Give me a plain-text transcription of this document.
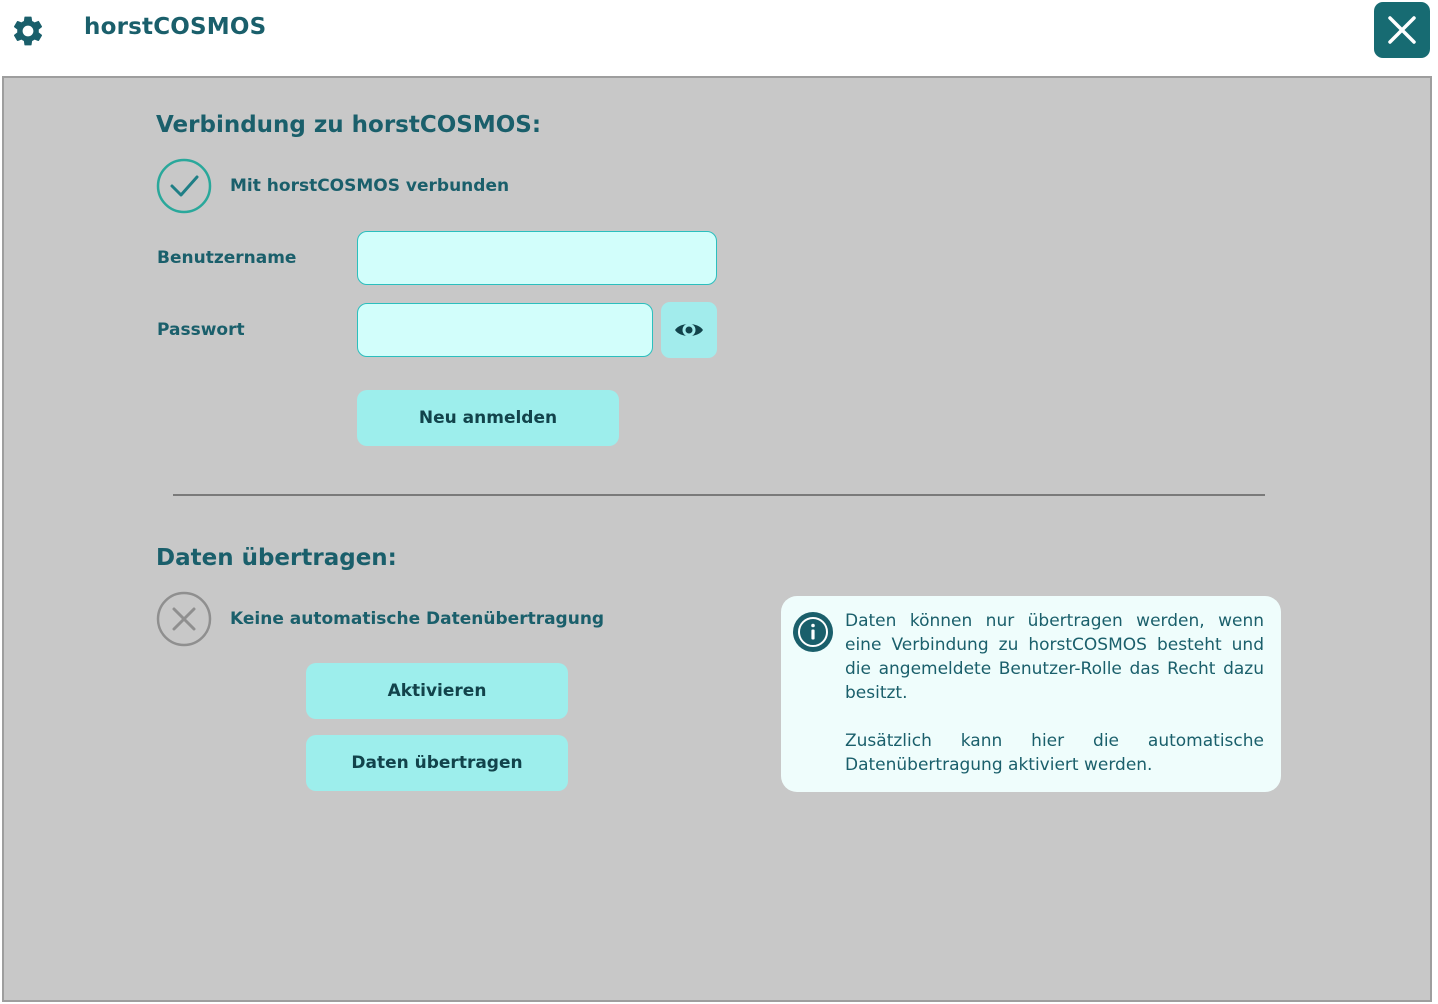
horstCOSMOS
Verbindung zu horstCOSMOS:
Mit horstCOSMOS verbunden
Benutzername
Passwort
Neu anmelden
Daten übertragen:
Keine automatische Datenübertragung
Aktivieren
Daten übertragen

Daten können nur übertragen werden, wenn eine Verbindung zu horstCOSMOS besteht und die angemeldete Benutzer-Rolle das Recht dazu besitzt.

Zusätzlich kann hier die automatische Datenübertragung aktiviert werden.
